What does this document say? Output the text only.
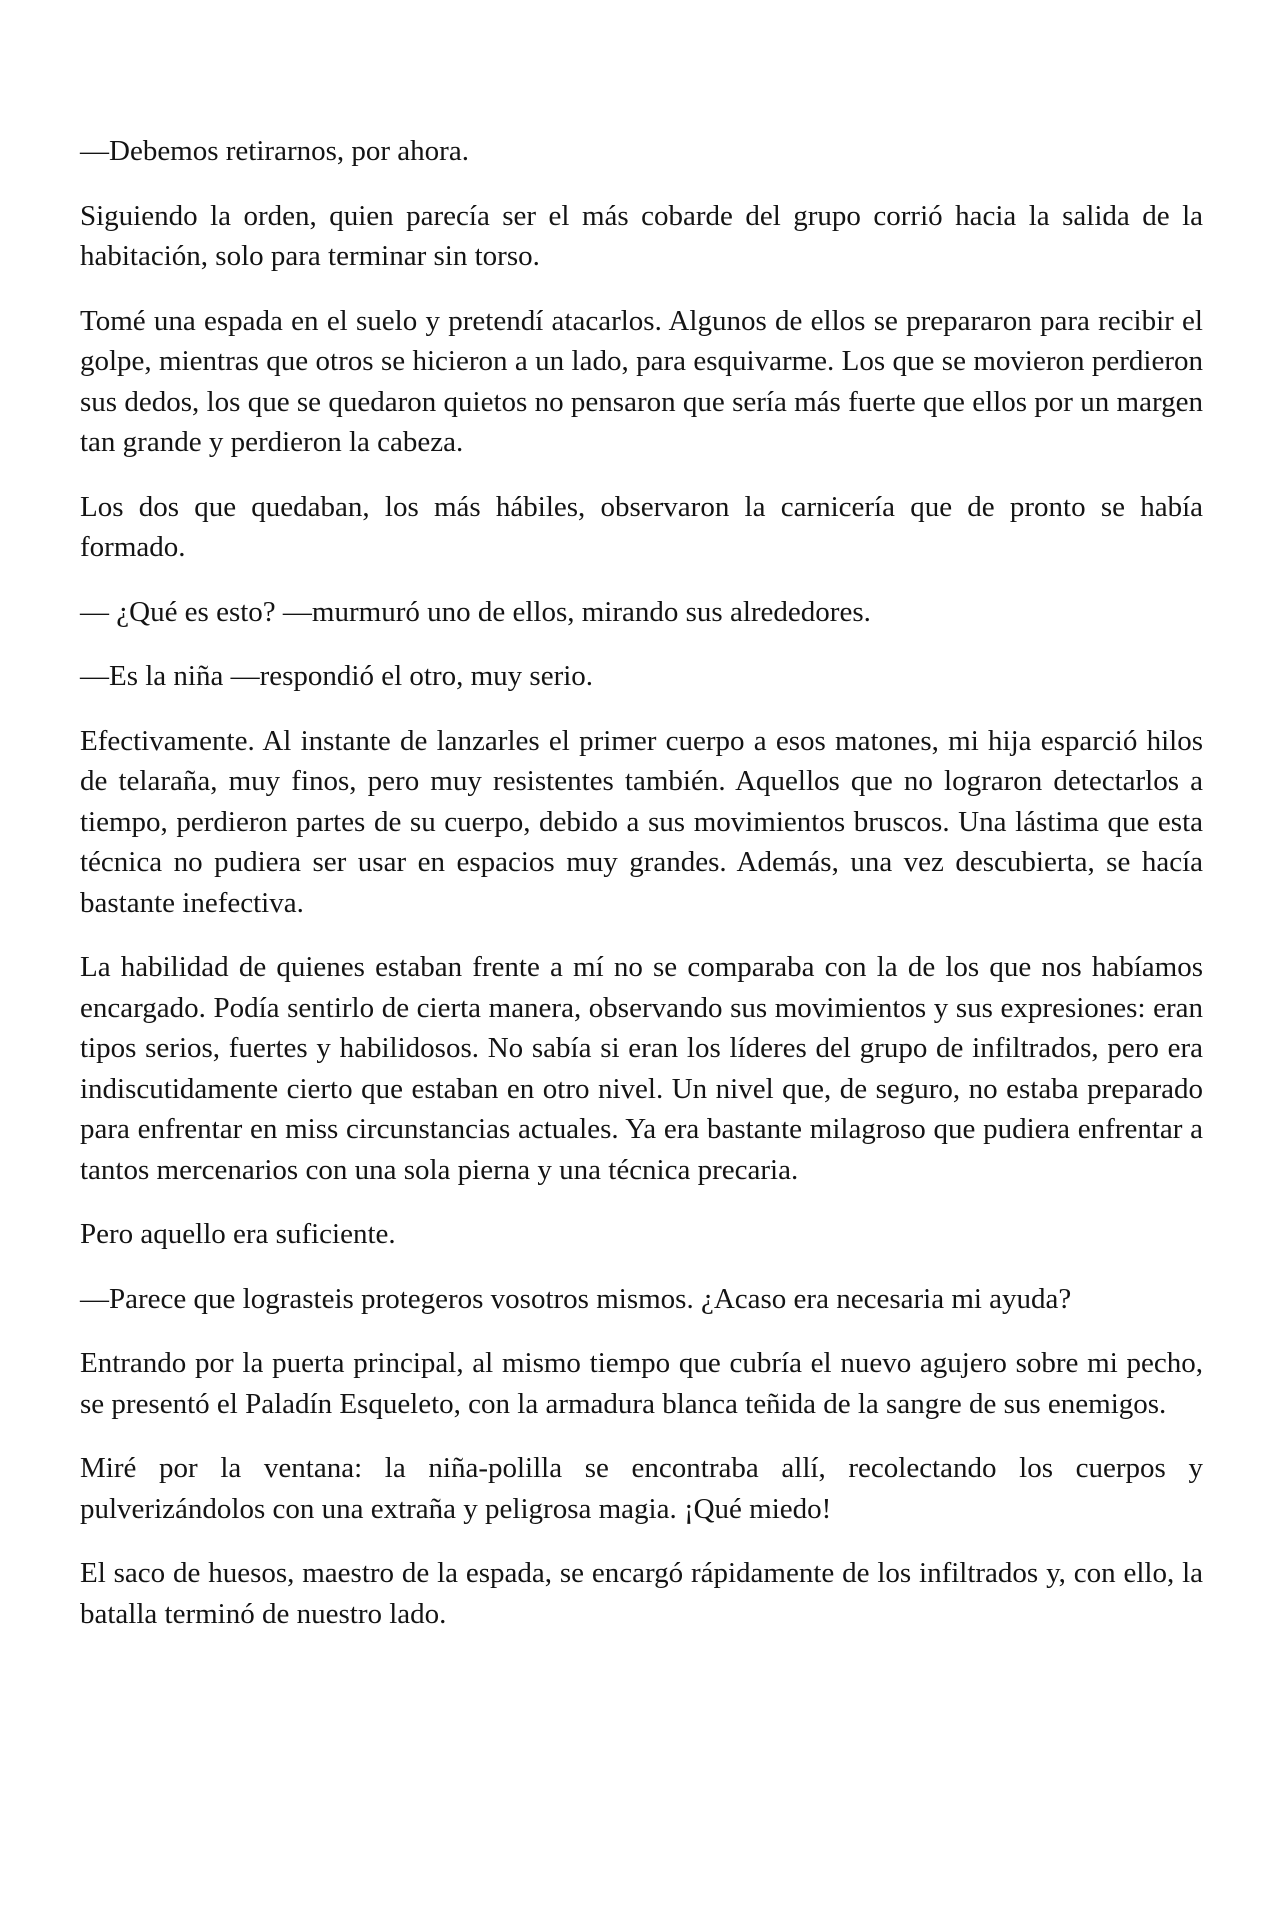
—Debemos retirarnos, por ahora.

Siguiendo la orden, quien parecía ser el más cobarde del grupo corrió hacia la salida de la habitación, solo para terminar sin torso.

Tomé una espada en el suelo y pretendí atacarlos. Algunos de ellos se prepararon para recibir el golpe, mientras que otros se hicieron a un lado, para esquivarme. Los que se movieron perdieron sus dedos, los que se quedaron quietos no pensaron que sería más fuerte que ellos por un margen tan grande y perdieron la cabeza.

Los dos que quedaban, los más hábiles, observaron la carnicería que de pronto se había formado.

— ¿Qué es esto? —murmuró uno de ellos, mirando sus alrededores.

—Es la niña —respondió el otro, muy serio.

Efectivamente. Al instante de lanzarles el primer cuerpo a esos matones, mi hija esparció hilos de telaraña, muy finos, pero muy resistentes también. Aquellos que no lograron detectarlos a tiempo, perdieron partes de su cuerpo, debido a sus movimientos bruscos. Una lástima que esta técnica no pudiera ser usar en espacios muy grandes. Además, una vez descubierta, se hacía bastante inefectiva.

La habilidad de quienes estaban frente a mí no se comparaba con la de los que nos habíamos encargado. Podía sentirlo de cierta manera, observando sus movimientos y sus expresiones: eran tipos serios, fuertes y habilidosos. No sabía si eran los líderes del grupo de infiltrados, pero era indiscutidamente cierto que estaban en otro nivel. Un nivel que, de seguro, no estaba preparado para enfrentar en miss circunstancias actuales. Ya era bastante milagroso que pudiera enfrentar a tantos mercenarios con una sola pierna y una técnica precaria.

Pero aquello era suficiente.

—Parece que lograsteis protegeros vosotros mismos. ¿Acaso era necesaria mi ayuda?

Entrando por la puerta principal, al mismo tiempo que cubría el nuevo agujero sobre mi pecho, se presentó el Paladín Esqueleto, con la armadura blanca teñida de la sangre de sus enemigos.

Miré por la ventana: la niña-polilla se encontraba allí, recolectando los cuerpos y pulverizándolos con una extraña y peligrosa magia. ¡Qué miedo!

El saco de huesos, maestro de la espada, se encargó rápidamente de los infiltrados y, con ello, la batalla terminó de nuestro lado.
